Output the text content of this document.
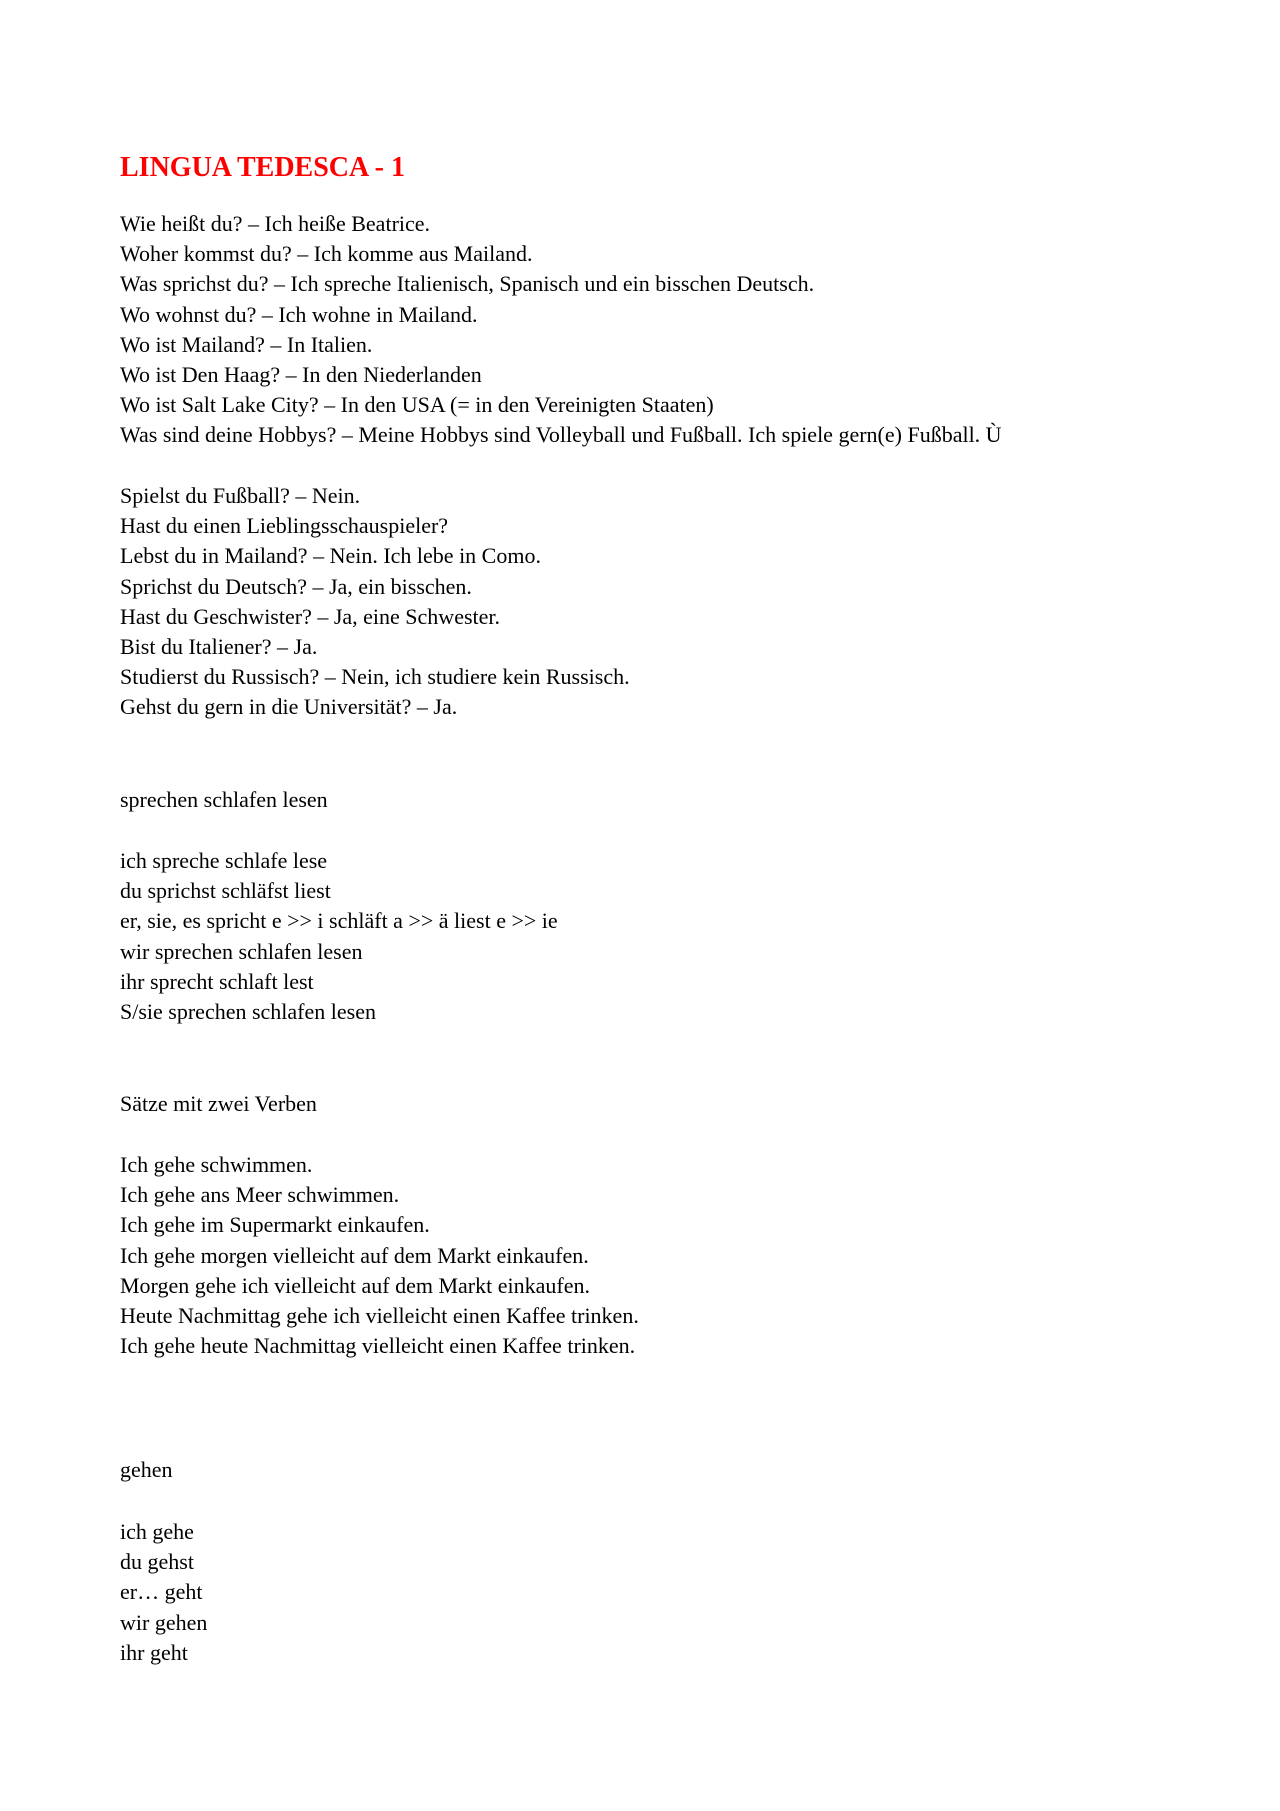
LINGUA TEDESCA - 1
Wie heißt du? – Ich heiße Beatrice.
Woher kommst du? – Ich komme aus Mailand.
Was sprichst du? – Ich spreche Italienisch, Spanisch und ein bisschen Deutsch.
Wo wohnst du? – Ich wohne in Mailand.
Wo ist Mailand? – In Italien.
Wo ist Den Haag? – In den Niederlanden
Wo ist Salt Lake City? – In den USA (= in den Vereinigten Staaten)
Was sind deine Hobbys? – Meine Hobbys sind Volleyball und Fußball. Ich spiele gern(e) Fußball. Ù
Spielst du Fußball? – Nein.
Hast du einen Lieblingsschauspieler?
Lebst du in Mailand? – Nein. Ich lebe in Como.
Sprichst du Deutsch? – Ja, ein bisschen.
Hast du Geschwister? – Ja, eine Schwester.
Bist du Italiener? – Ja.
Studierst du Russisch? – Nein, ich studiere kein Russisch.
Gehst du gern in die Universität? – Ja.
sprechen schlafen lesen
ich spreche schlafe lese
du sprichst schläfst liest
er, sie, es spricht e >> i schläft a >> ä liest e >> ie
wir sprechen schlafen lesen
ihr sprecht schlaft lest
S/sie sprechen schlafen lesen
Sätze mit zwei Verben
Ich gehe schwimmen.
Ich gehe ans Meer schwimmen.
Ich gehe im Supermarkt einkaufen.
Ich gehe morgen vielleicht auf dem Markt einkaufen.
Morgen gehe ich vielleicht auf dem Markt einkaufen.
Heute Nachmittag gehe ich vielleicht einen Kaffee trinken.
Ich gehe heute Nachmittag vielleicht einen Kaffee trinken.
gehen
ich gehe
du gehst
er… geht
wir gehen
ihr geht
